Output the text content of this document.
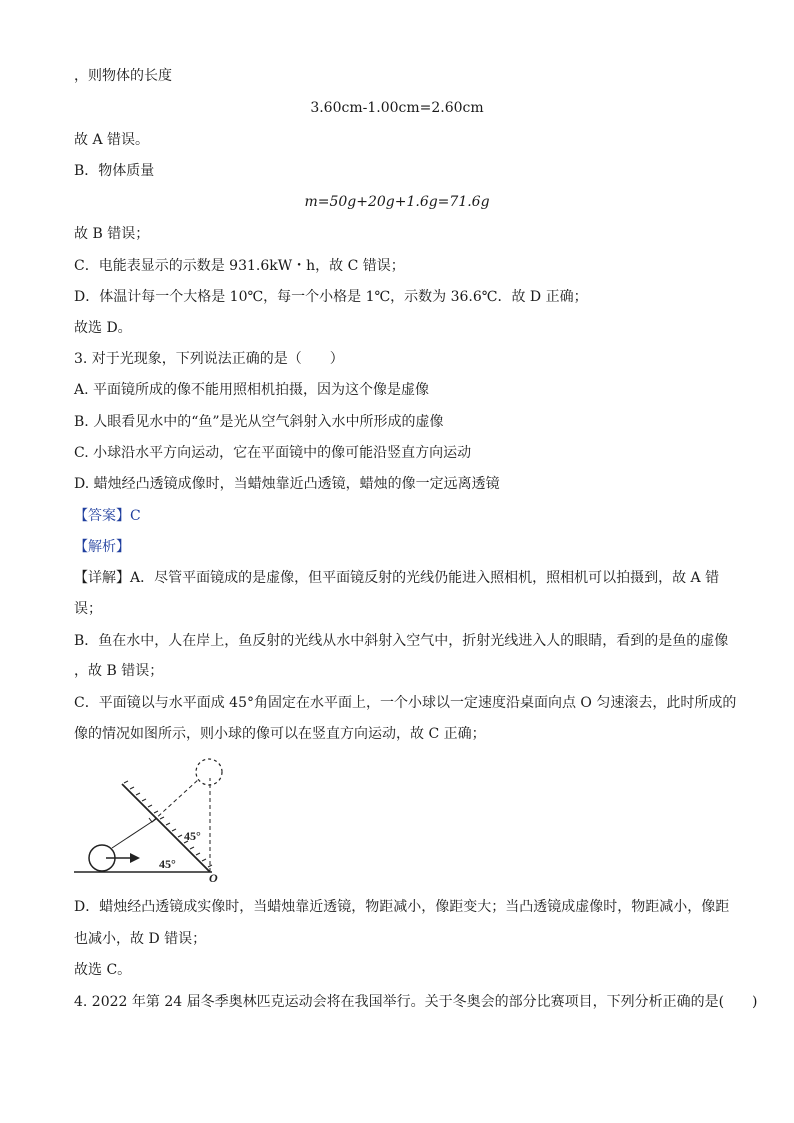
，则物体的长度
3.60cm-1.00cm=2.60cm
故 A 错误。
B．物体质量
m=50g+20g+1.6g=71.6g
故 B 错误；
C．电能表显示的示数是 931.6kW・h，故 C 错误；
D．体温计每一个大格是 10℃，每一个小格是 1℃，示数为 36.6℃．故 D 正确；
故选 D。
3. 对于光现象，下列说法正确的是（　　）
A. 平面镜所成的像不能用照相机拍摄，因为这个像是虚像
B. 人眼看见水中的“鱼”是光从空气斜射入水中所形成的虚像
C. 小球沿水平方向运动，它在平面镜中的像可能沿竖直方向运动
D. 蜡烛经凸透镜成像时，当蜡烛靠近凸透镜，蜡烛的像一定远离透镜
【答案】C
【解析】
【详解】A．尽管平面镜成的是虚像，但平面镜反射的光线仍能进入照相机，照相机可以拍摄到，故 A 错
误；
B．鱼在水中，人在岸上，鱼反射的光线从水中斜射入空气中，折射光线进入人的眼睛，看到的是鱼的虚像
，故 B 错误；
C．平面镜以与水平面成 45°角固定在水平面上，一个小球以一定速度沿桌面向点 O 匀速滚去，此时所成的
像的情况如图所示，则小球的像可以在竖直方向运动，故 C 正确；
45°
45°
O
D．蜡烛经凸透镜成实像时，当蜡烛靠近透镜，物距减小，像距变大；当凸透镜成虚像时，物距减小，像距
也减小，故 D 错误；
故选 C。
4. 2022 年第 24 届冬季奥林匹克运动会将在我国举行。关于冬奥会的部分比赛项目，下列分析正确的是(　　)
